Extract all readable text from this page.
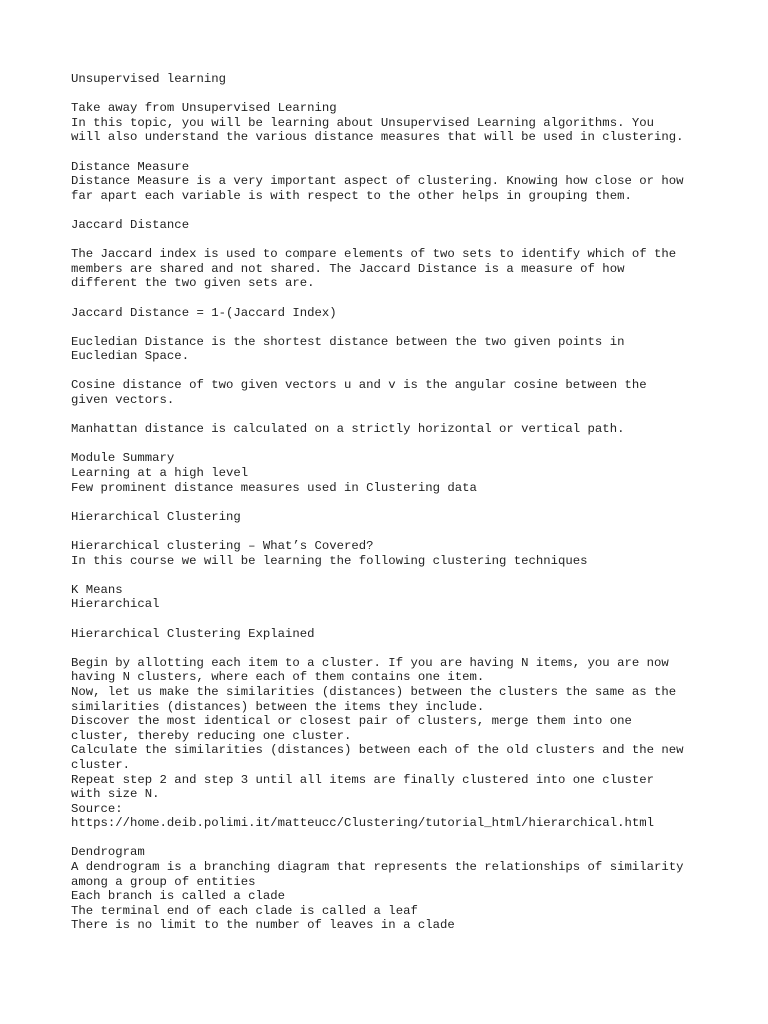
Unsupervised learning
Take away from Unsupervised Learning
In this topic, you will be learning about Unsupervised Learning algorithms. You
will also understand the various distance measures that will be used in clustering.
Distance Measure
Distance Measure is a very important aspect of clustering. Knowing how close or how
far apart each variable is with respect to the other helps in grouping them.
Jaccard Distance
The Jaccard index is used to compare elements of two sets to identify which of the
members are shared and not shared. The Jaccard Distance is a measure of how
different the two given sets are.
Jaccard Distance = 1-(Jaccard Index)
Eucledian Distance is the shortest distance between the two given points in
Eucledian Space.
Cosine distance of two given vectors u and v is the angular cosine between the
given vectors.
Manhattan distance is calculated on a strictly horizontal or vertical path.
Module Summary
Learning at a high level
Few prominent distance measures used in Clustering data
Hierarchical Clustering
Hierarchical clustering – What’s Covered?
In this course we will be learning the following clustering techniques
K Means
Hierarchical
Hierarchical Clustering Explained
Begin by allotting each item to a cluster. If you are having N items, you are now
having N clusters, where each of them contains one item.
Now, let us make the similarities (distances) between the clusters the same as the
similarities (distances) between the items they include.
Discover the most identical or closest pair of clusters, merge them into one
cluster, thereby reducing one cluster.
Calculate the similarities (distances) between each of the old clusters and the new
cluster.
Repeat step 2 and step 3 until all items are finally clustered into one cluster
with size N.
Source:
https://home.deib.polimi.it/matteucc/Clustering/tutorial_html/hierarchical.html
Dendrogram
A dendrogram is a branching diagram that represents the relationships of similarity
among a group of entities
Each branch is called a clade
The terminal end of each clade is called a leaf
There is no limit to the number of leaves in a clade
